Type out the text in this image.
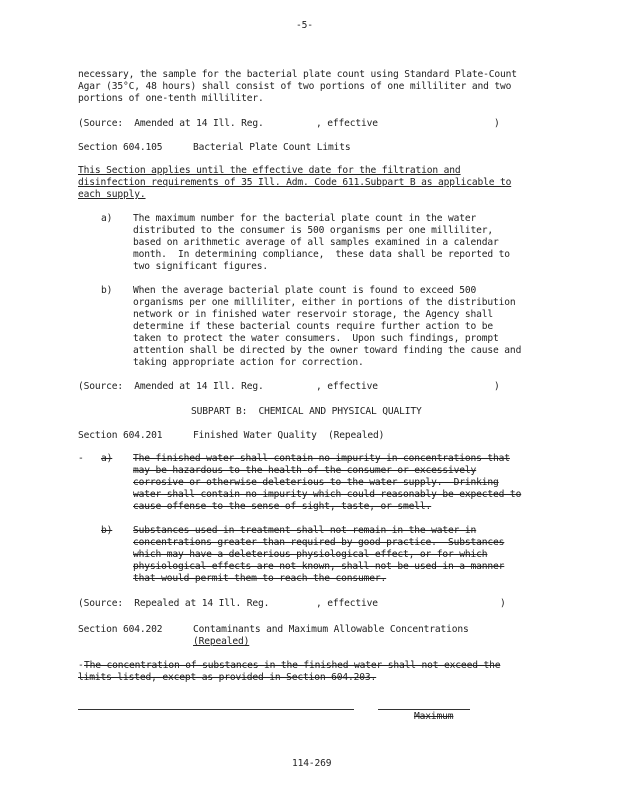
-5-
necessary, the sample for the bacterial plate count using Standard Plate-Count
Agar (35°C, 48 hours) shall consist of two portions of one milliliter and two
portions of one-tenth milliliter.
(Source:  Amended at 14 Ill. Reg.	, effective	)
Section 604.105	Bacterial Plate Count Limits
This Section applies until the effective date for the filtration and
disinfection requirements of 35 Ill. Adm. Code 611.Subpart B as applicable to
each supply.
a) The maximum number for the bacterial plate count in the water
distributed to the consumer is 500 organisms per one milliliter,
based on arithmetic average of all samples examined in a calendar
month.  In determining compliance,  these data shall be reported to
two significant figures.
b) When the average bacterial plate count is found to exceed 500
organisms per one milliliter, either in portions of the distribution
network or in finished water reservoir storage, the Agency shall
determine if these bacterial counts require further action to be
taken to protect the water consumers.  Upon such findings, prompt
attention shall be directed by the owner toward finding the cause and
taking appropriate action for correction.
(Source:  Amended at 14 Ill. Reg.	, effective	)
SUBPART B:  CHEMICAL AND PHYSICAL QUALITY
Section 604.201	Finished Water Quality  (Repealed)
- a) The finished water shall contain no impurity in concentrations that
may be hazardous to the health of the consumer or excessively
corrosive or otherwise deleterious to the water supply.  Drinking
water shall contain no impurity which could reasonably be expected to
cause offense to the sense of sight, taste, or smell.
b) Substances used in treatment shall not remain in the water in
concentrations greater than required by good practice.  Substances
which may have a deleterious physiological effect, or for which
physiological effects are not known, shall not be used in a manner
that would permit them to reach the consumer.
(Source:  Repealed at 14 Ill. Reg.	, effective	)
Section 604.202	Contaminants and Maximum Allowable Concentrations
(Repealed)
- The concentration of substances in the finished water shall not exceed the
limits listed, except as provided in Section 604.203.
Maximum
114-269
